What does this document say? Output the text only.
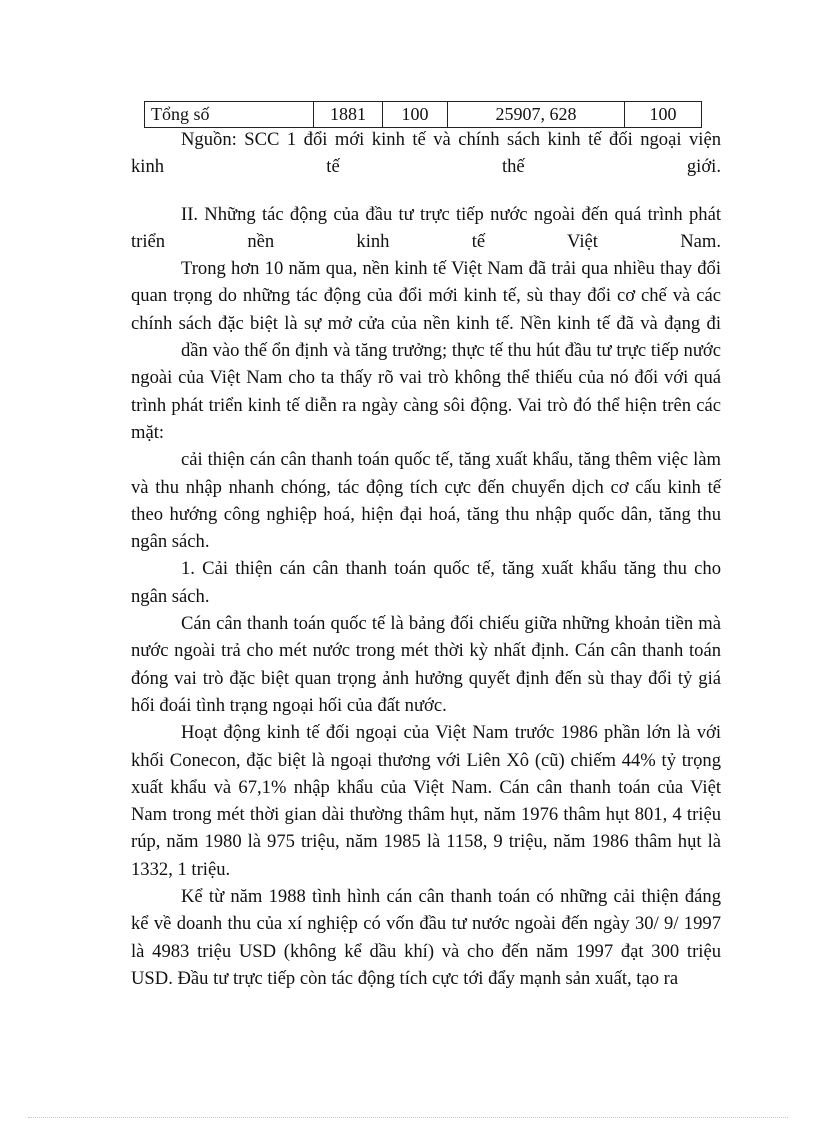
Tổng số	1881	100	25907, 628	100
Nguồn: SCC 1 đổi mới kinh tế và chính sách kinh tế đối ngoại viện
kinh tế thế giới.
II. Những tác động của đầu tư trực tiếp nước ngoài đến quá trình phát
triển nền kinh tế Việt Nam.
Trong hơn 10 năm qua, nền kinh tế Việt Nam đã trải qua nhiều thay đổi
quan trọng do những tác động của đổi mới kinh tế, sù thay đổi cơ chế và các
chính sách đặc biệt là sự mở cửa của nền kinh tế. Nền kinh tế đã và đạng đi
dần vào thế ổn định và tăng trưởng; thực tế thu hút đầu tư trực tiếp nước
ngoài của Việt Nam cho ta thấy rõ vai trò không thể thiếu của nó đối với quá
trình phát triển kinh tế diễn ra ngày càng sôi động. Vai trò đó thể hiện trên các
mặt:
cải thiện cán cân thanh toán quốc tế, tăng xuất khẩu, tăng thêm việc làm
và thu nhập nhanh chóng, tác động tích cực đến chuyển dịch cơ cấu kinh tế
theo hướng công nghiệp hoá, hiện đại hoá, tăng thu nhập quốc dân, tăng thu
ngân sách.
1. Cải thiện cán cân thanh toán quốc tế, tăng xuất khẩu tăng thu cho
ngân sách.
Cán cân thanh toán quốc tế là bảng đối chiếu giữa những khoản tiền mà
nước ngoài trả cho mét nước trong mét thời kỳ nhất định. Cán cân thanh toán
đóng vai trò đặc biệt quan trọng ảnh hưởng quyết định đến sù thay đổi tỷ giá
hối đoái tình trạng ngoại hối của đất nước.
Hoạt động kinh tế đối ngoại của Việt Nam trước 1986 phần lớn là với
khối Conecon, đặc biệt là ngoại thương với Liên Xô (cũ) chiếm 44% tỷ trọng
xuất khẩu và 67,1% nhập khẩu của Việt Nam. Cán cân thanh toán của Việt
Nam trong mét thời gian dài thường thâm hụt, năm 1976 thâm hụt 801, 4 triệu
rúp, năm 1980 là 975 triệu, năm 1985 là 1158, 9 triệu, năm 1986 thâm hụt là
1332, 1 triệu.
Kể từ năm 1988 tình hình cán cân thanh toán có những cải thiện đáng
kể về doanh thu của xí nghiệp có vốn đầu tư nước ngoài đến ngày 30/ 9/ 1997
là 4983 triệu USD (không kể dầu khí) và cho đến năm 1997 đạt 300 triệu
USD. Đầu tư trực tiếp còn tác động tích cực tới đẩy mạnh sản xuất, tạo ra
